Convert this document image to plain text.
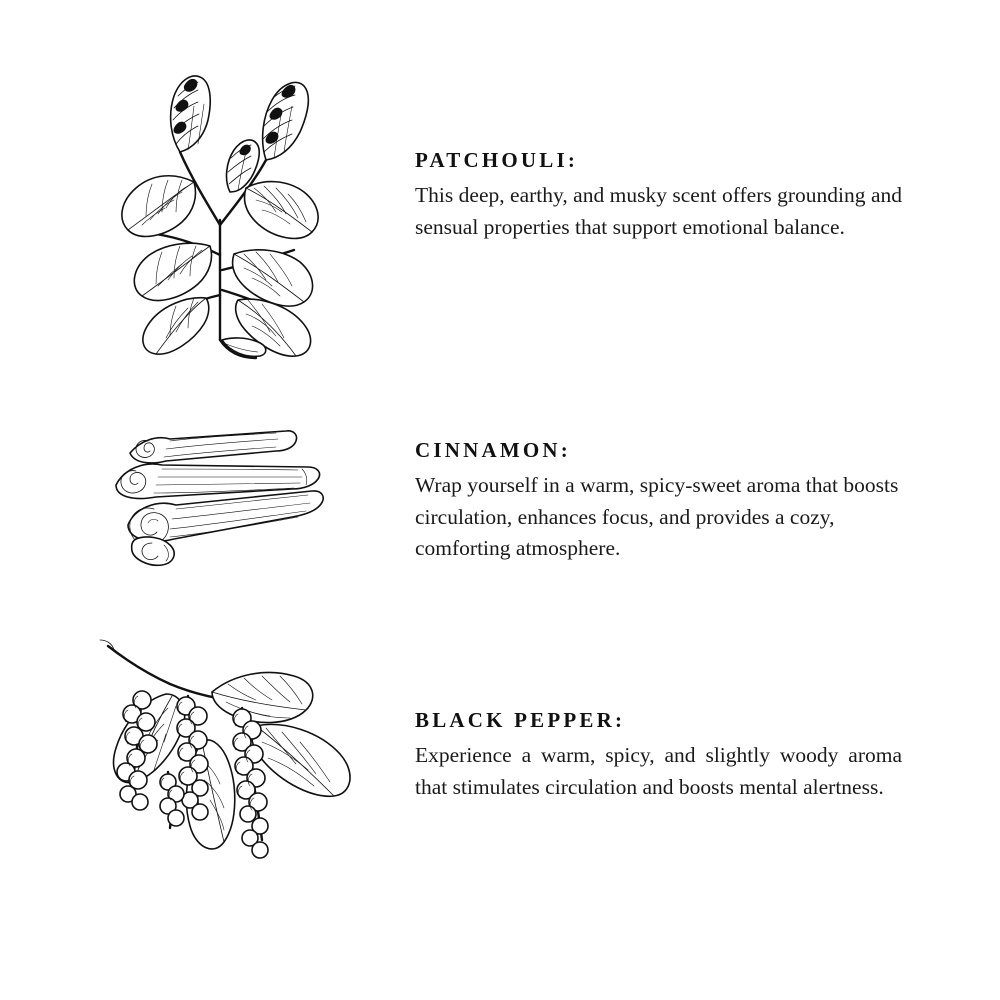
PATCHOULI:

This deep, earthy, and musky scent offers grounding and sensual properties that support emotional balance.

CINNAMON:

Wrap yourself in a warm, spicy-sweet aroma that boosts circulation, enhances focus, and provides a cozy, comforting atmosphere.

BLACK PEPPER:

Experience a warm, spicy, and slightly woody aroma that stimulates circulation and boosts mental alertness.
